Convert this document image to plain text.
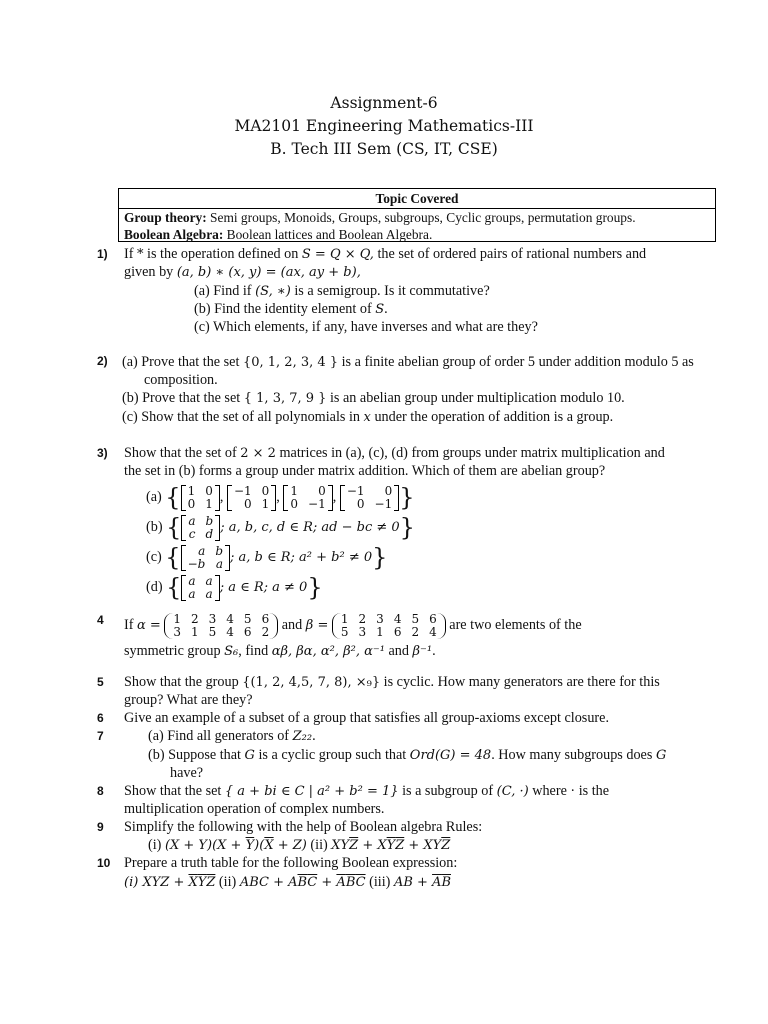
Assignment-6
MA2101 Engineering Mathematics-III
B. Tech III Sem (CS, IT, CSE)
Topic Covered
Group theory: Semi groups, Monoids, Groups, subgroups, Cyclic groups, permutation groups.
Boolean Algebra: Boolean lattices and Boolean Algebra.
1) If * is the operation defined on S = Q × Q, the set of ordered pairs of rational numbers and
given by (a, b) ∗ (x, y) = (ax, ay + b),
(a) Find if (S, ∗) is a semigroup. Is it commutative?
(b) Find the identity element of S.
(c) Which elements, if any, have inverses and what are they?
2) (a) Prove that the set {0, 1, 2, 3, 4 } is a finite abelian group of order 5 under addition modulo 5 as
composition.
(b) Prove that the set { 1, 3, 7, 9 } is an abelian group under multiplication modulo 10.
(c) Show that the set of all polynomials in x under the operation of addition is a group.
3) Show that the set of 2 × 2 matrices in (a), (c), (d) from groups under matrix multiplication and
the set in (b) forms a group under matrix addition. Which of them are abelian group?
(a) { 1	0
0	1 , −1	0
0	1 , 1	0
0	−1 , −1	0
0	−1 }
(b) { a	b
c	d ; a, b, c, d ∈ R; ad − bc ≠ 0}
(c) { a	b
−b	a ; a, b ∈ R; a² + b² ≠ 0}
(d) { a	a
a	a ; a ∈ R; a ≠ 0}
4 If α = 1	2	3	4	5	6
3	1	5	4	6	2 and β = 1	2	3	4	5	6
5	3	1	6	2	4 are two elements of the
symmetric group S₆, find αβ, βα, α², β², α⁻¹ and β⁻¹.
5 Show that the group {(1, 2, 4,5, 7, 8), ×₉} is cyclic. How many generators are there for this
group? What are they?
6 Give an example of a subset of a group that satisfies all group-axioms except closure.
7	(a) Find all generators of Z₂₂.
(b) Suppose that G is a cyclic group such that Ord(G) = 48. How many subgroups does G
have?
8 Show that the set { a + bi ∈ C | a² + b² = 1} is a subgroup of (C, ·) where · is the
multiplication operation of complex numbers.
9 Simplify the following with the help of Boolean algebra Rules:
(i) $(X + Y)(X + \overline{Y})(\overline{X} + Z)$ (ii) $XY\overline{Z} + X\overline{Y}\overline{Z} + XY\overline{Z}$
10 Prepare a truth table for the following Boolean expression:
(i) XYZ + $\overline{X}\overline{Y}\overline{Z}$ (ii) ABC + $A\overline{B}\overline{C} + \overline{A}\overline{B}\overline{C}$ (iii) AB + $\overline{A}\overline{B}$
